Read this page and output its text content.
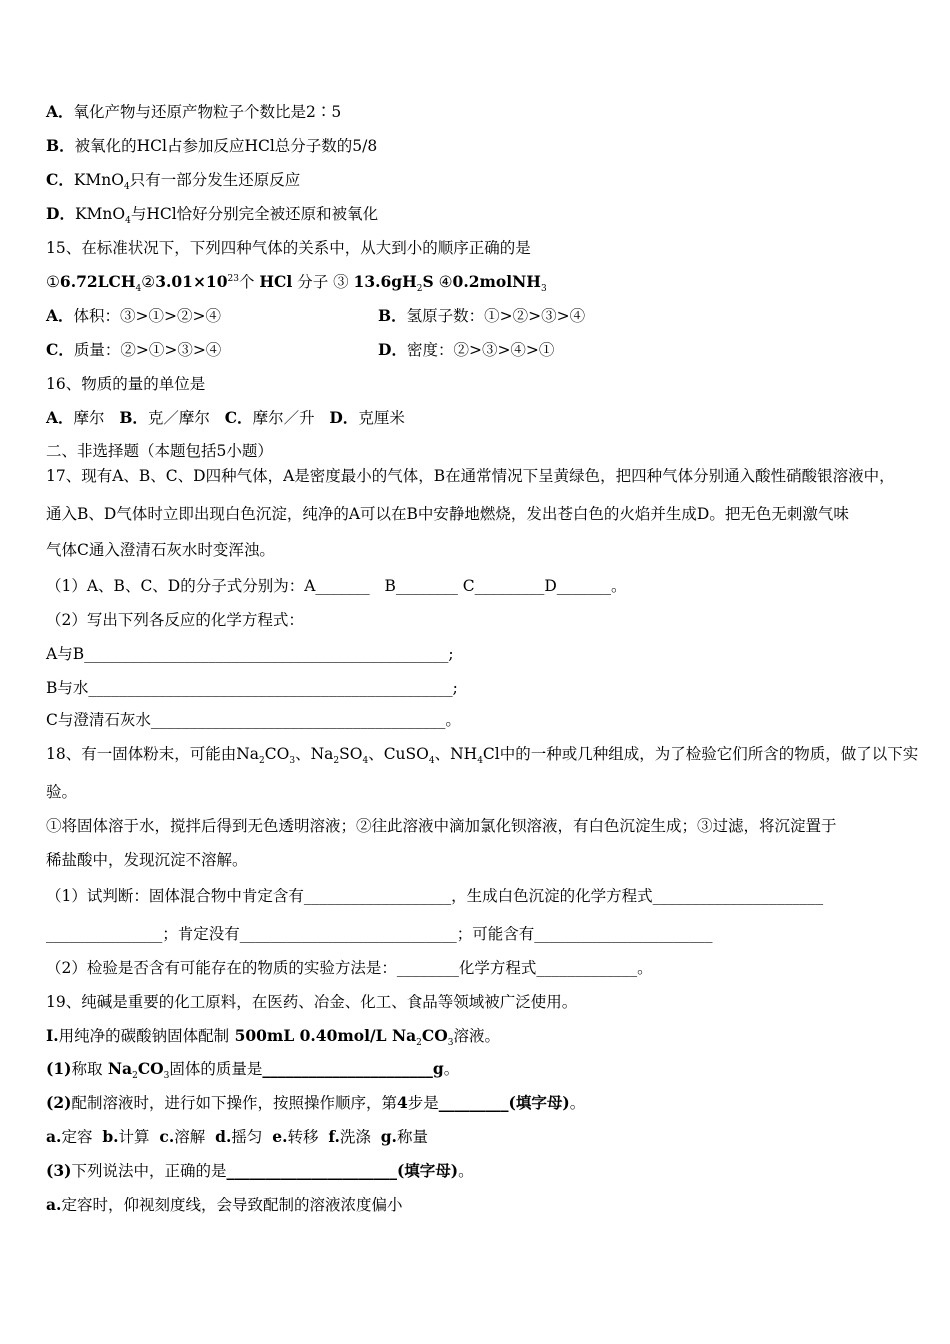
A．氧化产物与还原产物粒子个数比是2∶5
B．被氧化的HCl占参加反应HCl总分子数的5/8
C．KMnO$_4$只有一部分发生还原反应
D．KMnO$_4$与HCl恰好分别完全被还原和被氧化
15、在标准状况下，下列四种气体的关系中，从大到小的顺序正确的是
$①6.72LCH_4②3.01\times 10^{23}$个 HCl 分子 ③ $13.6gH_2S$ ④0.2molNH$_3$
A．体积：③>①>②>④	B．氢原子数：①>②>③>④
C．质量：②>①>③>④	D．密度：②>③>④>①
16、物质的量的单位是
A．摩尔   B．克／摩尔   C．摩尔／升   D．克厘米
二、非选择题（本题包括5小题）
17、现有A、B、C、D四种气体，A是密度最小的气体，B在通常情况下呈黄绿色，把四种气体分别通入酸性硝酸银溶液中，
通入B、D气体时立即出现白色沉淀，纯净的A可以在B中安静地燃烧，发出苍白色的火焰并生成D。把无色无刺激气味
气体C通入澄清石灰水时变浑浊。
（1）A、B、C、D的分子式分别为：A_______   B________ C_________D_______。
（2）写出下列各反应的化学方程式：
A与B_______________________________________________;
B与水_______________________________________________;
C与澄清石灰水______________________________________。
18、有一固体粉末，可能由$Na_2CO_3$、$Na_2SO_4$、CuSO$_4$、$NH_4Cl$中的一种或几种组成，为了检验它们所含的物质，做了以下实
验。
①将固体溶于水，搅拌后得到无色透明溶液；②往此溶液中滴加氯化钡溶液，有白色沉淀生成；③过滤，将沉淀置于
稀盐酸中，发现沉淀不溶解。
（1）试判断：固体混合物中肯定含有___________________，生成白色沉淀的化学方程式______________________
_______________；肯定没有____________________________；可能含有_______________________
（2）检验是否含有可能存在的物质的实验方法是：________化学方程式_____________。
19、纯碱是重要的化工原料，在医药、冶金、化工、食品等领域被广泛使用。
I.用纯净的碳酸钠固体配制 500mL 0.40mol/L $Na_2CO_3$溶液。
(1)称取 $Na_2CO_3$固体的质量是______________________g。
(2)配制溶液时，进行如下操作，按照操作顺序，第4步是_________(填字母)。
a.定容  b.计算  c.溶解  d.摇匀  e.转移  f.洗涤  g.称量
(3)下列说法中，正确的是______________________(填字母)。
a.定容时，仰视刻度线，会导致配制的溶液浓度偏小
